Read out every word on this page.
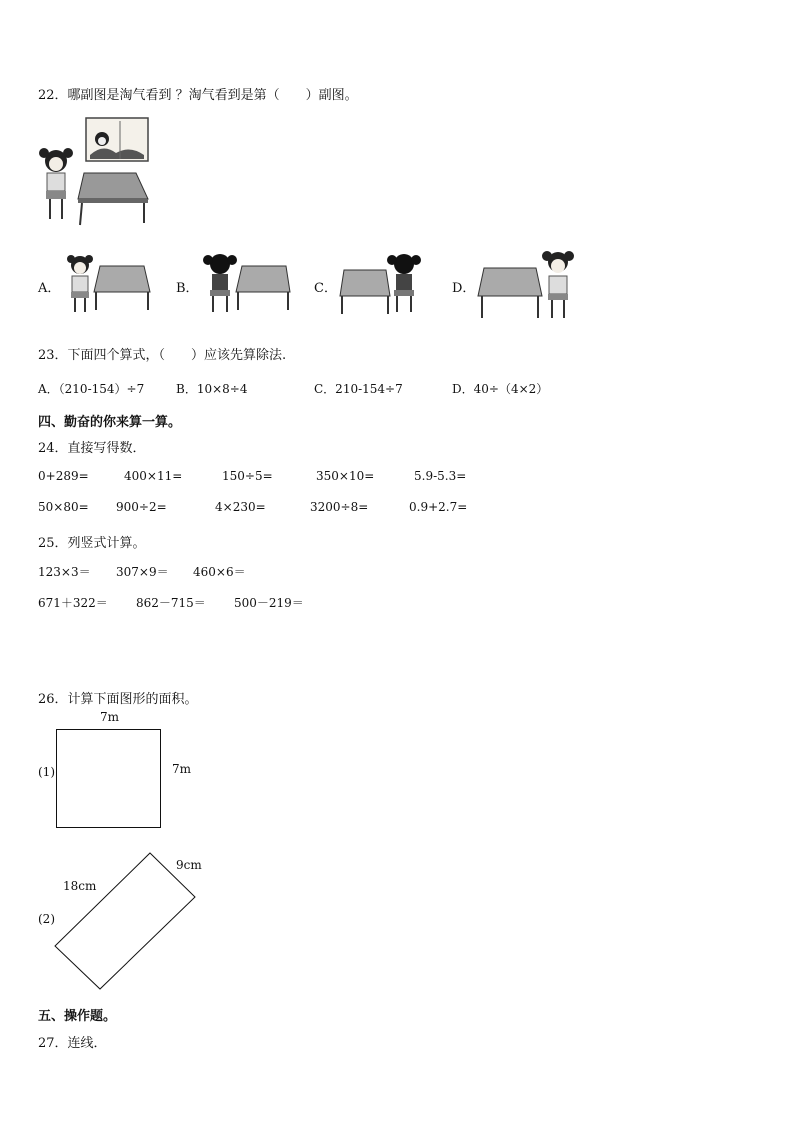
22．哪副图是淘气看到 ？淘气看到是第（　　）副图。
A．	B．	C．	D．
23．下面四个算式，（　　）应该先算除法.
A．（210-154）÷7	B．10×8÷4	C．210-154÷7	D．40÷（4×2）
四、勤奋的你来算一算。
24．直接写得数．
0+289=	400×11=	150÷5=	350×10=	5.9-5.3=
50×80= 900÷2=	4×230=	3200÷8=	0.9+2.7=
25．列竖式计算。
123×3＝ 307×9＝ 460×6＝
671＋322＝ 862－715＝ 500－219＝
26．计算下面图形的面积。
7m
(1)	7m
9cm
18cm
(2)
五、操作题。
27．连线．
